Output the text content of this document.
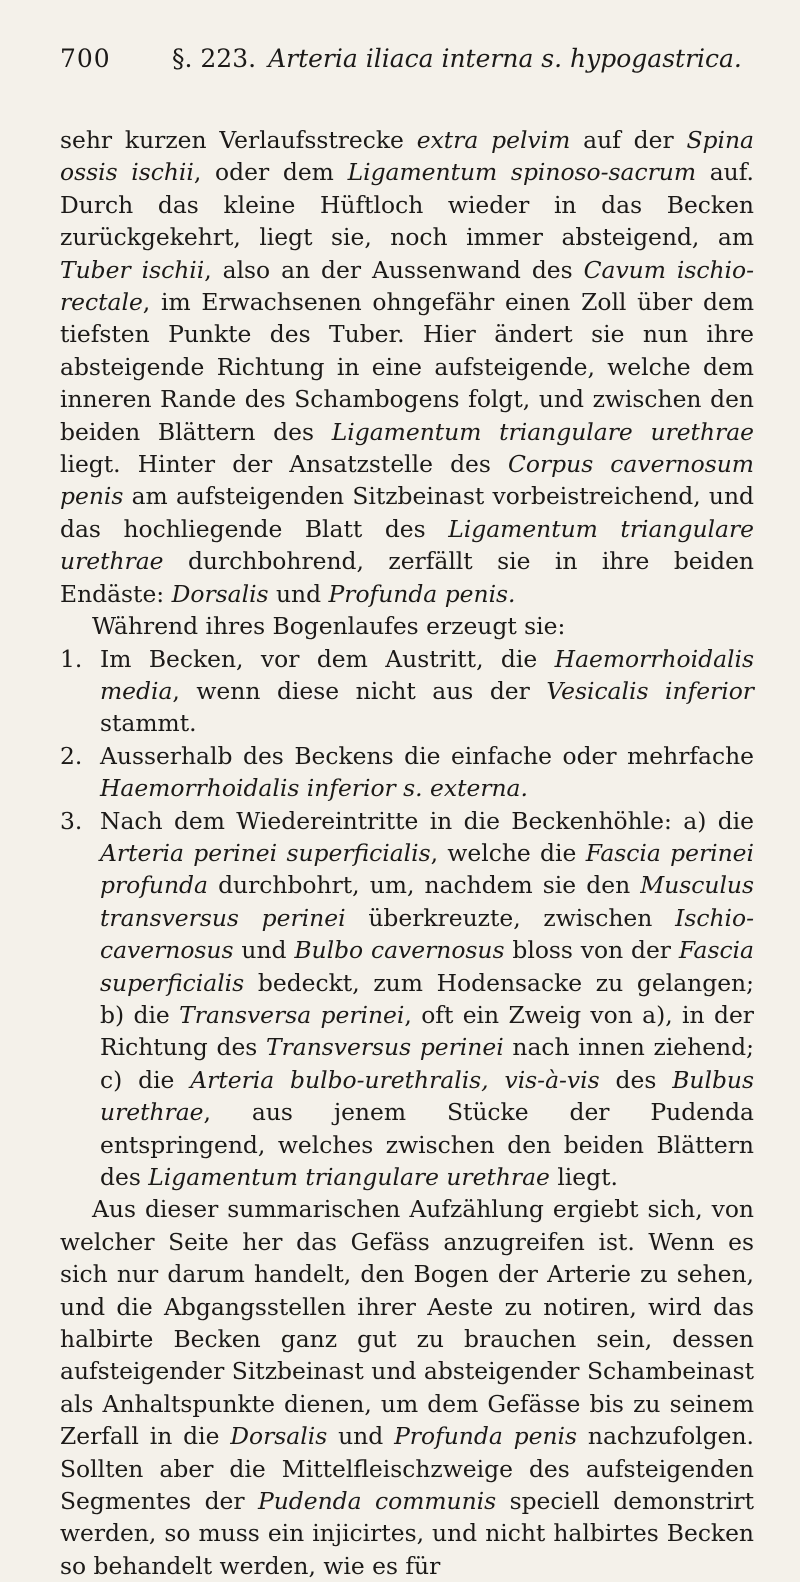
700	§. 223. Arteria iliaca interna s. hypogastrica.

sehr kurzen Verlaufsstrecke extra pelvim auf der Spina ossis ischii, oder dem Ligamentum spinoso-sacrum auf. Durch das kleine Hüftloch wieder in das Becken zurückgekehrt, liegt sie, noch immer absteigend, am Tuber ischii, also an der Aussenwand des Cavum ischio-rectale, im Erwachsenen ohngefähr einen Zoll über dem tiefsten Punkte des Tuber. Hier ändert sie nun ihre absteigende Richtung in eine aufsteigende, welche dem inneren Rande des Schambogens folgt, und zwischen den beiden Blättern des Ligamentum triangulare urethrae liegt. Hinter der Ansatzstelle des Corpus cavernosum penis am aufsteigenden Sitzbeinast vorbeistreichend, und das hochliegende Blatt des Ligamentum triangulare urethrae durchbohrend, zerfällt sie in ihre beiden Endäste: Dorsalis und Profunda penis.

Während ihres Bogenlaufes erzeugt sie:

1. Im Becken, vor dem Austritt, die Haemorrhoidalis media, wenn diese nicht aus der Vesicalis inferior stammt.
2. Ausserhalb des Beckens die einfache oder mehrfache Haemorrhoidalis inferior s. externa.
3. Nach dem Wiedereintritte in die Beckenhöhle: a) die Arteria perinei superficialis, welche die Fascia perinei profunda durchbohrt, um, nachdem sie den Musculus transversus perinei überkreuzte, zwischen Ischio-cavernosus und Bulbo cavernosus bloss von der Fascia superficialis bedeckt, zum Hodensacke zu gelangen; b) die Transversa perinei, oft ein Zweig von a), in der Richtung des Transversus perinei nach innen ziehend; c) die Arteria bulbo-urethralis, vis-à-vis des Bulbus urethrae, aus jenem Stücke der Pudenda entspringend, welches zwischen den beiden Blättern des Ligamentum triangulare urethrae liegt.

Aus dieser summarischen Aufzählung ergiebt sich, von welcher Seite her das Gefäss anzugreifen ist. Wenn es sich nur darum handelt, den Bogen der Arterie zu sehen, und die Abgangsstellen ihrer Aeste zu notiren, wird das halbirte Becken ganz gut zu brauchen sein, dessen aufsteigender Sitzbeinast und absteigender Schambeinast als Anhaltspunkte dienen, um dem Gefässe bis zu seinem Zerfall in die Dorsalis und Profunda penis nachzufolgen. Sollten aber die Mittelfleischzweige des aufsteigenden Segmentes der Pudenda communis speciell demonstrirt werden, so muss ein injicirtes, und nicht halbirtes Becken so behandelt werden, wie es für
